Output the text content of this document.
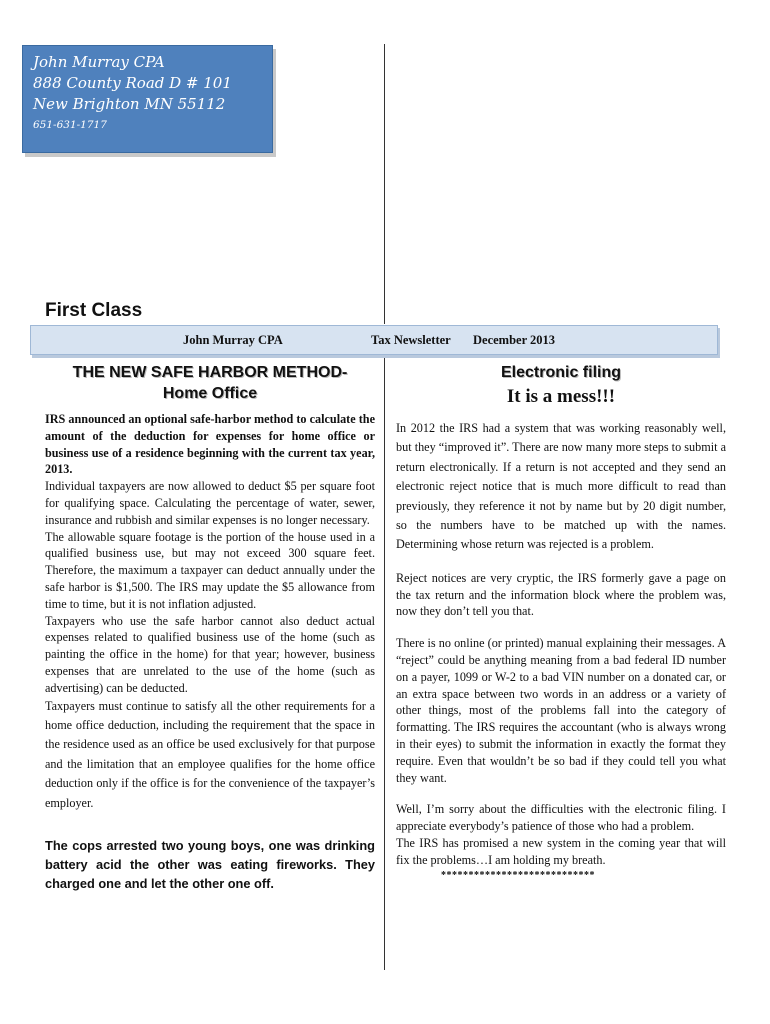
John Murray CPA
888 County Road D # 101
New Brighton MN 55112
651-631-1717
First Class
John Murray CPA	Tax Newsletter December 2013
THE NEW SAFE HARBOR METHOD-
Home Office

IRS announced an optional safe-harbor method to calculate the amount of the deduction for expenses for home office or business use of a residence beginning with the current tax year, 2013.

Individual taxpayers are now allowed to deduct $5 per square foot for qualifying space. Calculating the percentage of water, sewer, insurance and rubbish and similar expenses is no longer necessary.

The allowable square footage is the portion of the house used in a qualified business use, but may not exceed 300 square feet. Therefore, the maximum a taxpayer can deduct annually under the safe harbor is $1,500. The IRS may update the $5 allowance from time to time, but it is not inflation adjusted.

Taxpayers who use the safe harbor cannot also deduct actual expenses related to qualified business use of the home (such as painting the office in the home) for that year; however, business expenses that are unrelated to the use of the home (such as advertising) can be deducted.

Taxpayers must continue to satisfy all the other requirements for a home office deduction, including the requirement that the space in the residence used as an office be used exclusively for that purpose and the limitation that an employee qualifies for the home office deduction only if the office is for the convenience of the taxpayer’s employer.

The cops arrested two young boys, one was drinking battery acid the other was eating fireworks. They charged one and let the other one off.

Electronic filing
It is a mess!!!

In 2012 the IRS had a system that was working reasonably well, but they “improved it”. There are now many more steps to submit a return electronically. If a return is not accepted and they send an electronic reject notice that is much more difficult to read than previously, they reference it not by name but by 20 digit number, so the numbers have to be matched up with the names. Determining whose return was rejected is a problem.

Reject notices are very cryptic, the IRS formerly gave a page on the tax return and the information block where the problem was, now they don’t tell you that.

There is no online (or printed) manual explaining their messages. A “reject” could be anything meaning from a bad federal ID number on a payer, 1099 or W-2 to a bad VIN number on a donated car, or an extra space between two words in an address or a variety of other things, most of the problems fall into the category of formatting. The IRS requires the accountant (who is always wrong in their eyes) to submit the information in exactly the format they require. Even that wouldn’t be so bad if they could tell you what they want.

Well, I’m sorry about the difficulties with the electronic filing. I appreciate everybody’s patience of those who had a problem.

The IRS has promised a new system in the coming year that will fix the problems…I am holding my breath.

****************************
